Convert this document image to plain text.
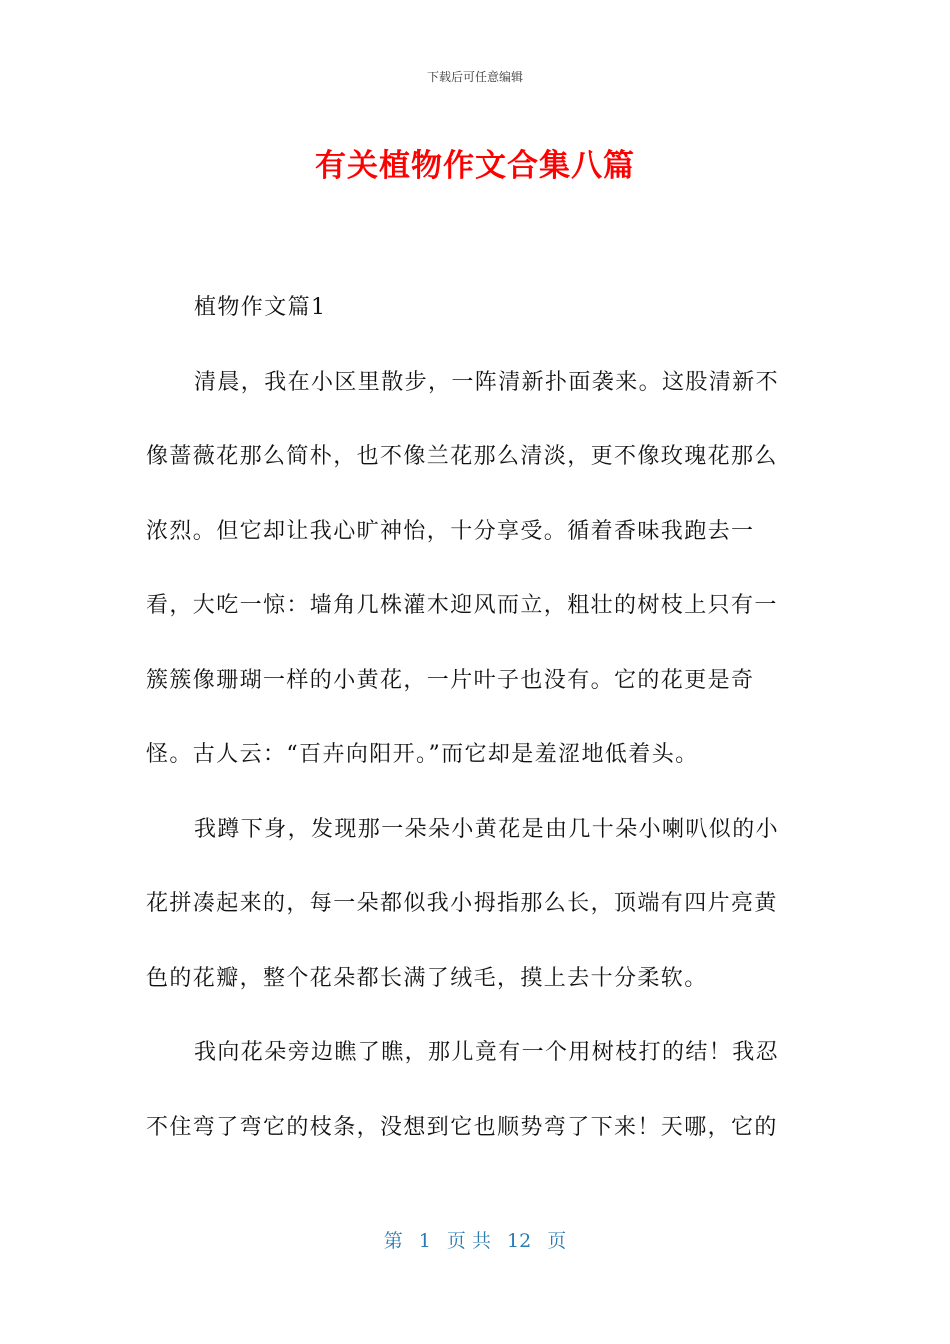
下载后可任意编辑
有关植物作文合集八篇

植物作文篇1

清晨，我在小区里散步，一阵清新扑面袭来。这股清新不像蔷薇花那么简朴，也不像兰花那么清淡，更不像玫瑰花那么浓烈。但它却让我心旷神怡，十分享受。循着香味我跑去一看，大吃一惊：墙角几株灌木迎风而立，粗壮的树枝上只有一簇簇像珊瑚一样的小黄花，一片叶子也没有。它的花更是奇怪。古人云：“百卉向阳开。”而它却是羞涩地低着头。

我蹲下身，发现那一朵朵小黄花是由几十朵小喇叭似的小花拼凑起来的，每一朵都似我小拇指那么长，顶端有四片亮黄色的花瓣，整个花朵都长满了绒毛，摸上去十分柔软。

我向花朵旁边瞧了瞧，那儿竟有一个用树枝打的结！我忍不住弯了弯它的枝条，没想到它也顺势弯了下来！天哪，它的

第 1 页 共 12 页
